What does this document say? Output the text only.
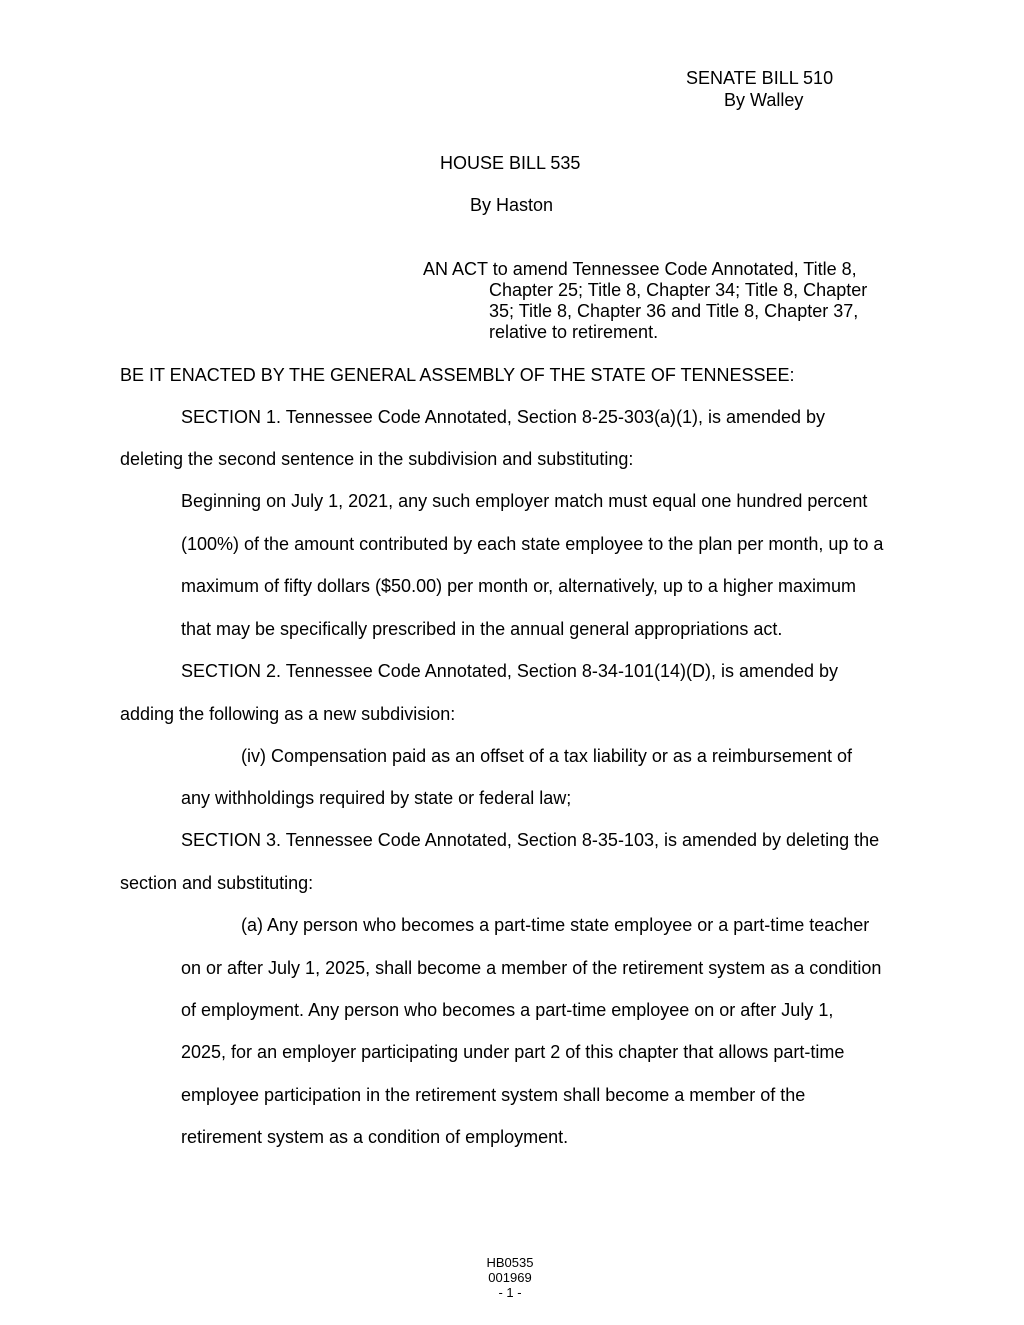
SENATE BILL 510
By Walley
HOUSE BILL 535
By Haston
AN ACT to amend Tennessee Code Annotated, Title 8,
Chapter 25; Title 8, Chapter 34; Title 8, Chapter
35; Title 8, Chapter 36 and Title 8, Chapter 37,
relative to retirement.
BE IT ENACTED BY THE GENERAL ASSEMBLY OF THE STATE OF TENNESSEE:
SECTION 1. Tennessee Code Annotated, Section 8-25-303(a)(1), is amended by
deleting the second sentence in the subdivision and substituting:
Beginning on July 1, 2021, any such employer match must equal one hundred percent
(100%) of the amount contributed by each state employee to the plan per month, up to a
maximum of fifty dollars ($50.00) per month or, alternatively, up to a higher maximum
that may be specifically prescribed in the annual general appropriations act.
SECTION 2. Tennessee Code Annotated, Section 8-34-101(14)(D), is amended by
adding the following as a new subdivision:
(iv) Compensation paid as an offset of a tax liability or as a reimbursement of
any withholdings required by state or federal law;
SECTION 3. Tennessee Code Annotated, Section 8-35-103, is amended by deleting the
section and substituting:
(a) Any person who becomes a part-time state employee or a part-time teacher
on or after July 1, 2025, shall become a member of the retirement system as a condition
of employment. Any person who becomes a part-time employee on or after July 1,
2025, for an employer participating under part 2 of this chapter that allows part-time
employee participation in the retirement system shall become a member of the
retirement system as a condition of employment.
HB0535
001969
- 1 -
